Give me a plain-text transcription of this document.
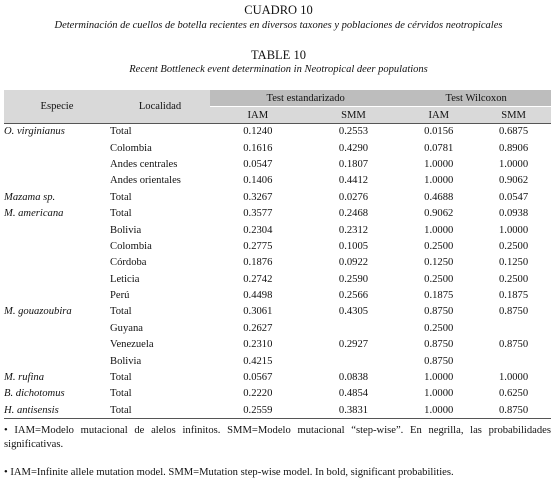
CUADRO 10
Determinación de cuellos de botella recientes en diversos taxones y poblaciones de cérvidos neotropicales
TABLE 10
Recent Bottleneck event determination in Neotropical deer populations
Especie	Localidad	Test estandarizado		Test Wilcoxon	
		IAM	SMM	IAM	SMM
O. virginianus	Total	0.1240	0.2553	0.0156	0.6875
	Colombia	0.1616	0.4290	0.0781	0.8906
	Andes centrales	0.0547	0.1807	1.0000	1.0000
	Andes orientales	0.1406	0.4412	1.0000	0.9062
Mazama sp.	Total	0.3267	0.0276	0.4688	0.0547
M. americana	Total	0.3577	0.2468	0.9062	0.0938
	Bolivia	0.2304	0.2312	1.0000	1.0000
	Colombia	0.2775	0.1005	0.2500	0.2500
	Córdoba	0.1876	0.0922	0.1250	0.1250
	Leticia	0.2742	0.2590	0.2500	0.2500
	Perú	0.4498	0.2566	0.1875	0.1875
M. gouazoubira	Total	0.3061	0.4305	0.8750	0.8750
	Guyana	0.2627		0.2500	
	Venezuela	0.2310	0.2927	0.8750	0.8750
	Bolivia	0.4215		0.8750	
M. rufina	Total	0.0567	0.0838	1.0000	1.0000
B. dichotomus	Total	0.2220	0.4854	1.0000	0.6250
H. antisensis	Total	0.2559	0.3831	1.0000	0.8750
• IAM=Modelo mutacional de alelos infinitos. SMM=Modelo mutacional “step-wise”. En negrilla, las probabilidades significativas.
• IAM=Infinite allele mutation model. SMM=Mutation step-wise model. In bold, significant probabilities.
